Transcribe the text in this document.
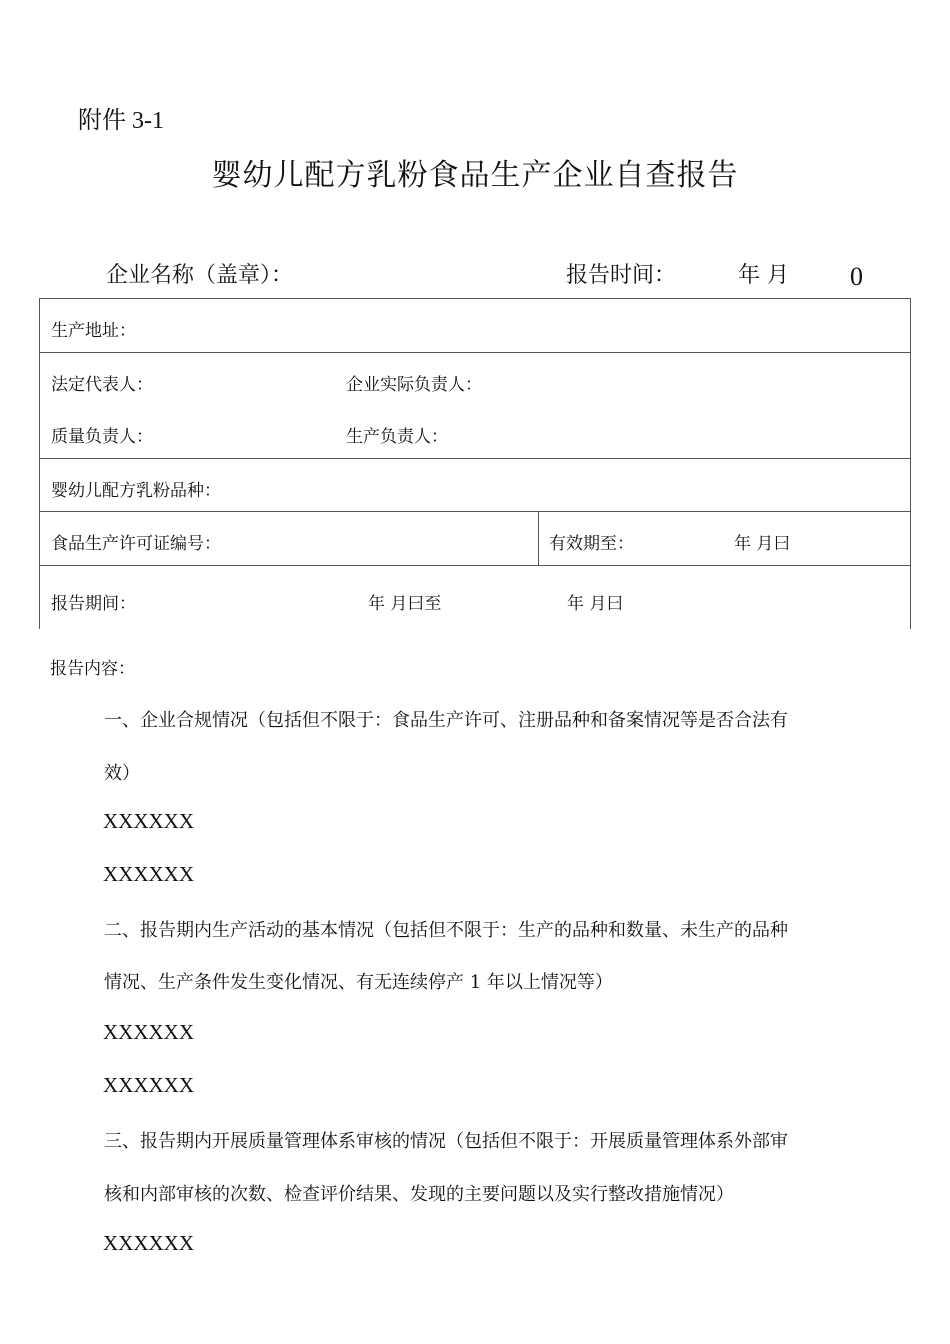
附件 3-1
婴幼儿配方乳粉食品生产企业自查报告
企业名称（盖章）：	报告时间：	年 月 0
生产地址：
法定代表人：	企业实际负责人：
质量负责人：	生产负责人：
婴幼儿配方乳粉品种：
食品生产许可证编号：	有效期至：	年 月曰
报告期间：	年 月曰至	年 月曰
报告内容：
一、企业合规情况（包括但不限于：食品生产许可、注册品种和备案情况等是否合法有
效）
XXXXXX
XXXXXX
二、报告期内生产活动的基本情况（包括但不限于：生产的品种和数量、未生产的品种
情况、生产条件发生变化情况、有无连续停产 1 年以上情况等）
XXXXXX
XXXXXX
三、报告期内开展质量管理体系审核的情况（包括但不限于：开展质量管理体系外部审
核和内部审核的次数、检查评价结果、发现的主要问题以及实行整改措施情况）
XXXXXX
